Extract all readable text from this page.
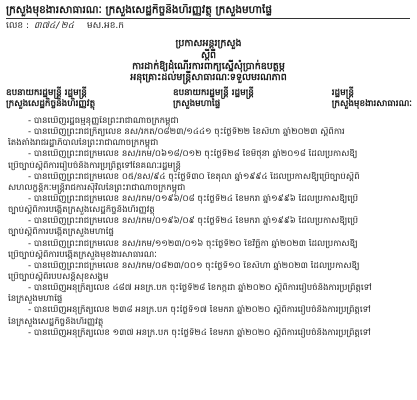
ក្រសួងមុខងារសាធារណៈ ក្រសួងសេដ្ឋកិច្ចនិងហិរញ្ញវត្ថុ ក្រសួងមហាផ្ទៃ
លេខ : ៣៧៤/២៤ មស.អខ.ក
ប្រកាសអន្តរក្រសួង
ស្តីពី
ការដាក់ឱ្យដំណើរការពាក្យស្នើសុំប្រាក់ឧបត្ថម្ភ
អនុគ្រោះដល់មន្ត្រីសាធារណៈទទួលមរណភាព
ឧបនាយករដ្ឋមន្ត្រី រដ្ឋមន្ត្រី
ក្រសួងសេដ្ឋកិច្ចនិងហិរញ្ញវត្ថុ
ឧបនាយករដ្ឋមន្ត្រី រដ្ឋមន្ត្រី
ក្រសួងមហាផ្ទៃ
រដ្ឋមន្ត្រី
ក្រសួងមុខងារសាធារណៈ
- បានឃើញរដ្ឋធម្មនុញ្ញនៃព្រះរាជាណាចក្រកម្ពុជា
- បានឃើញព្រះរាជក្រឹត្យលេខ នស/រកត/០៨២៣/១៤៤១ ចុះថ្ងៃទី២២ ខែសីហា ឆ្នាំ២០២៣ ស្តីពីការ
តែងតាំងរាជរដ្ឋាភិបាលនៃព្រះរាជាណាចក្រកម្ពុជា
- បានឃើញព្រះរាជក្រមលេខ នស/រកម/០៦១៨/០១២ ចុះថ្ងៃទី២៨ ខែមិថុនា ឆ្នាំ២០១៨ ដែលប្រកាសឱ្យ
ប្រើច្បាប់ស្តីពីការរៀបចំនិងការប្រព្រឹត្តទៅនៃគណៈរដ្ឋមន្ត្រី
- បានឃើញព្រះរាជក្រមលេខ ០៥/នស/៩៤ ចុះថ្ងៃទី៣០ ខែតុលា ឆ្នាំ១៩៩៤ ដែលប្រកាសឱ្យប្រើច្បាប់ស្តីពី
សហលក្ខន្តិកៈមន្ត្រីរាជការស៊ីវិលនៃព្រះរាជាណាចក្រកម្ពុជា
- បានឃើញព្រះរាជក្រមលេខ នស/រកម/០១៩៦/០៨ ចុះថ្ងៃទី២៤ ខែមករា ឆ្នាំ១៩៩៦ ដែលប្រកាសឱ្យប្រើ
ច្បាប់ស្តីពីការបង្កើតក្រសួងសេដ្ឋកិច្ចនិងហិរញ្ញវត្ថុ
- បានឃើញព្រះរាជក្រមលេខ នស/រកម/០១៩៦/០៩ ចុះថ្ងៃទី២៤ ខែមករា ឆ្នាំ១៩៩៦ ដែលប្រកាសឱ្យប្រើ
ច្បាប់ស្តីពីការបង្កើតក្រសួងមហាផ្ទៃ
- បានឃើញព្រះរាជក្រមលេខ នស/រកម/១១២៣/០១៦ ចុះថ្ងៃទី២០ ខែវិច្ឆិកា ឆ្នាំ២០២៣ ដែលប្រកាសឱ្យ
ប្រើច្បាប់ស្តីពីការបង្កើតក្រសួងមុខងារសាធារណៈ
- បានឃើញព្រះរាជក្រមលេខ នស/រកម/០៨២៣/០០១ ចុះថ្ងៃទី១០ ខែសីហា ឆ្នាំ២០២៣ ដែលប្រកាសឱ្យ
ប្រើច្បាប់ស្តីពីរបបសន្តិសុខសង្គម
- បានឃើញអនុក្រឹត្យលេខ ៤៨៧ អនក្រ.បក ចុះថ្ងៃទី២៨ ខែកក្កដា ឆ្នាំ២០២០ ស្តីពីការរៀបចំនិងការប្រព្រឹត្តទៅ
នៃក្រសួងមហាផ្ទៃ
- បានឃើញអនុក្រឹត្យលេខ ២៣៨ អនក្រ.បក ចុះថ្ងៃទី១៧ ខែមករា ឆ្នាំ២០២០ ស្តីពីការរៀបចំនិងការប្រព្រឹត្តទៅ
នៃក្រសួងសេដ្ឋកិច្ចនិងហិរញ្ញវត្ថុ
- បានឃើញអនុក្រឹត្យលេខ ១៣៧ អនក្រ.បក ចុះថ្ងៃទី២៤ ខែមករា ឆ្នាំ២០២០ ស្តីពីការរៀបចំនិងការប្រព្រឹត្តទៅ
